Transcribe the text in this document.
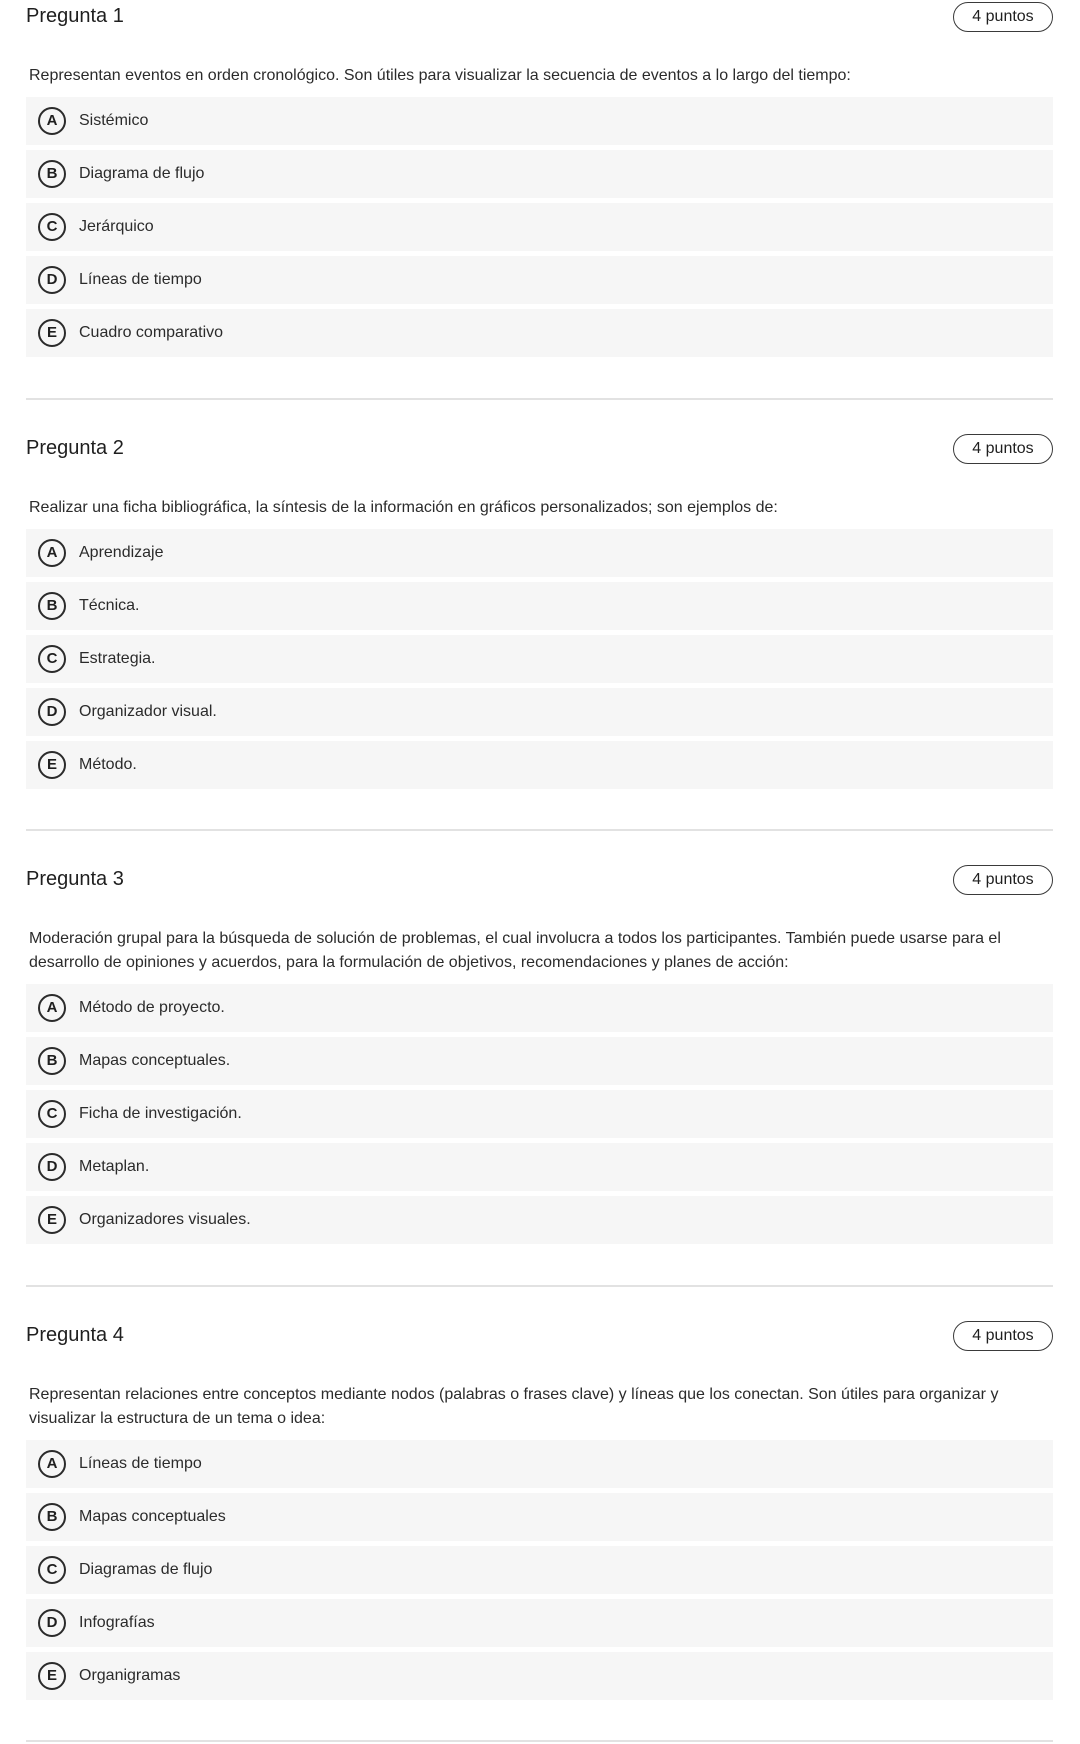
Pregunta 1	4 puntos
Representan eventos en orden cronológico. Son útiles para visualizar la secuencia de eventos a lo largo del tiempo:
A	Sistémico
B	Diagrama de flujo
C	Jerárquico
D	Líneas de tiempo
E	Cuadro comparativo
Pregunta 2	4 puntos
Realizar una ficha bibliográfica, la síntesis de la información en gráficos personalizados; son ejemplos de:
A	Aprendizaje
B	Técnica.
C	Estrategia.
D	Organizador visual.
E	Método.
Pregunta 3	4 puntos
Moderación grupal para la búsqueda de solución de problemas, el cual involucra a todos los participantes. También puede usarse para el desarrollo de opiniones y acuerdos, para la formulación de objetivos, recomendaciones y planes de acción:
A	Método de proyecto.
B	Mapas conceptuales.
C	Ficha de investigación.
D	Metaplan.
E	Organizadores visuales.
Pregunta 4	4 puntos
Representan relaciones entre conceptos mediante nodos (palabras o frases clave) y líneas que los conectan. Son útiles para organizar y visualizar la estructura de un tema o idea:
A	Líneas de tiempo
B	Mapas conceptuales
C	Diagramas de flujo
D	Infografías
E	Organigramas
